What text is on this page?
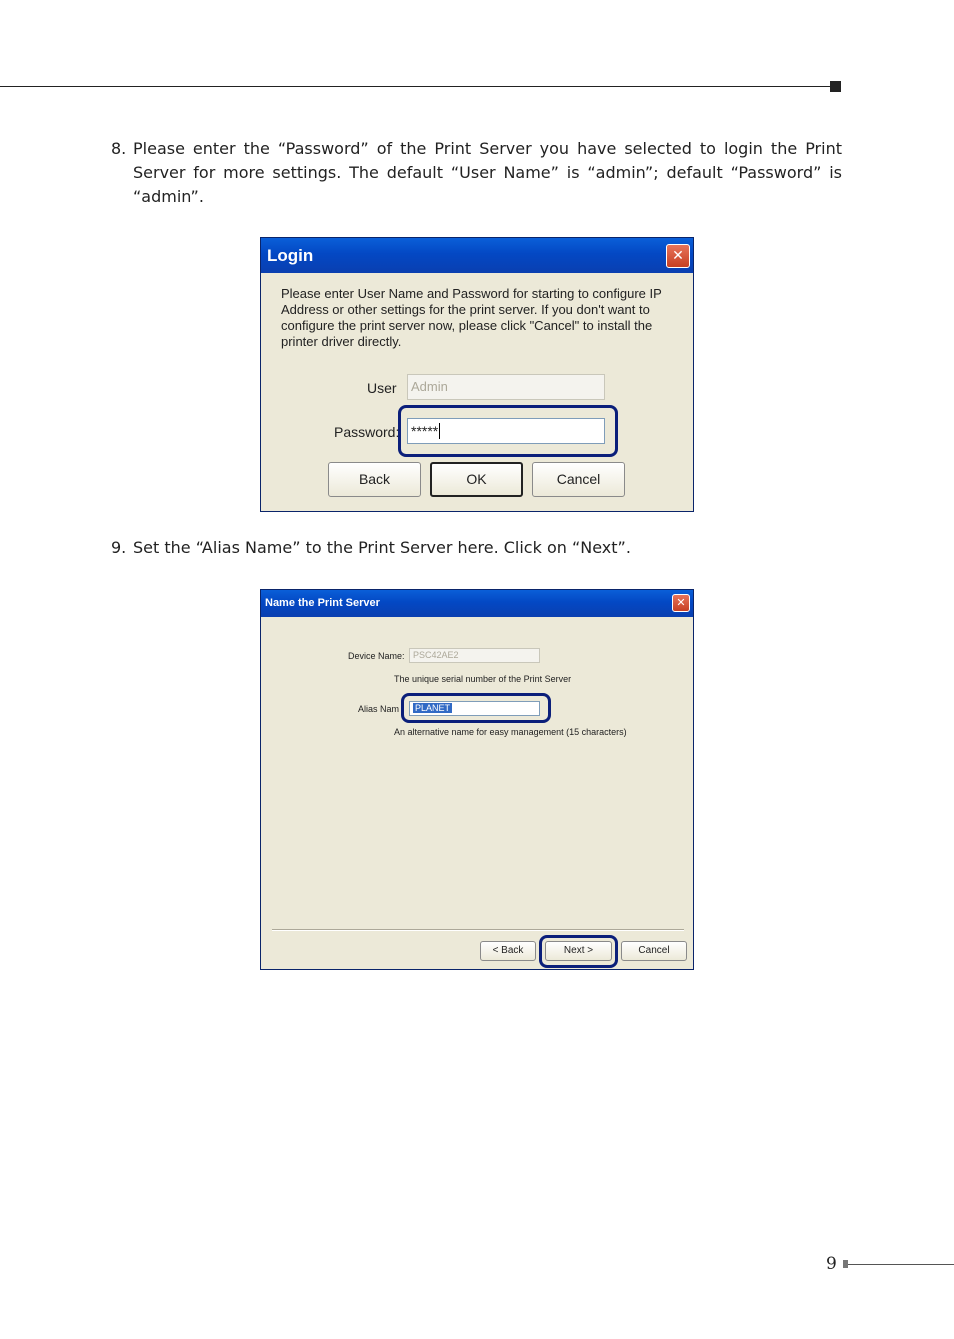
8. Please enter the “Password” of the Print Server you have selected to login the Print Server for more settings. The default “User Name” is “admin”; default “Password” is “admin”.
Login	✕
Please enter User Name and Password for starting to configure IP Address or other settings for the print server. If you don't want to configure the print server now, please click "Cancel" to install the printer driver directly.
User	Admin
Password: *****
Back	OK	Cancel
9. Set the “Alias Name” to the Print Server here. Click on “Next”.
Name the Print Server	✕
Device Name: PSC42AE2
The unique serial number of the Print Server
Alias Nam	PLANET
An alternative name for easy management (15 characters)
< Back	Next >	Cancel
9
